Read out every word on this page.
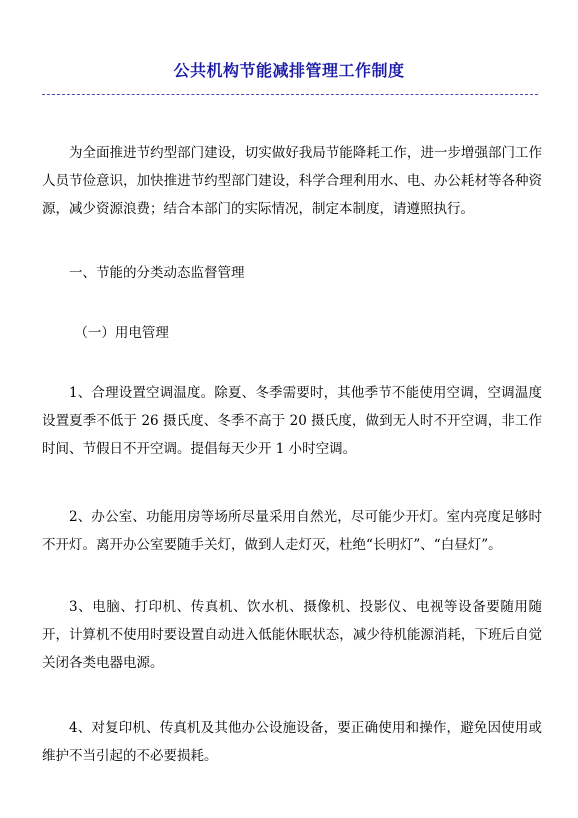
公共机构节能减排管理工作制度

为全面推进节约型部门建设，切实做好我局节能降耗工作，进一步增强部门工作人员节俭意识，加快推进节约型部门建设，科学合理利用水、电、办公耗材等各种资源，减少资源浪费；结合本部门的实际情况，制定本制度，请遵照执行。

一、节能的分类动态监督管理

（一）用电管理

1、合理设置空调温度。除夏、冬季需要时，其他季节不能使用空调，空调温度设置夏季不低于 26 摄氏度、冬季不高于 20 摄氏度，做到无人时不开空调，非工作时间、节假日不开空调。提倡每天少开 1 小时空调。

2、办公室、功能用房等场所尽量采用自然光，尽可能少开灯。室内亮度足够时不开灯。离开办公室要随手关灯，做到人走灯灭，杜绝“长明灯”、“白昼灯”。

3、电脑、打印机、传真机、饮水机、摄像机、投影仪、电视等设备要随用随开，计算机不使用时要设置自动进入低能休眠状态，减少待机能源消耗，下班后自觉关闭各类电器电源。

4、对复印机、传真机及其他办公设施设备，要正确使用和操作，避免因使用或维护不当引起的不必要损耗。
